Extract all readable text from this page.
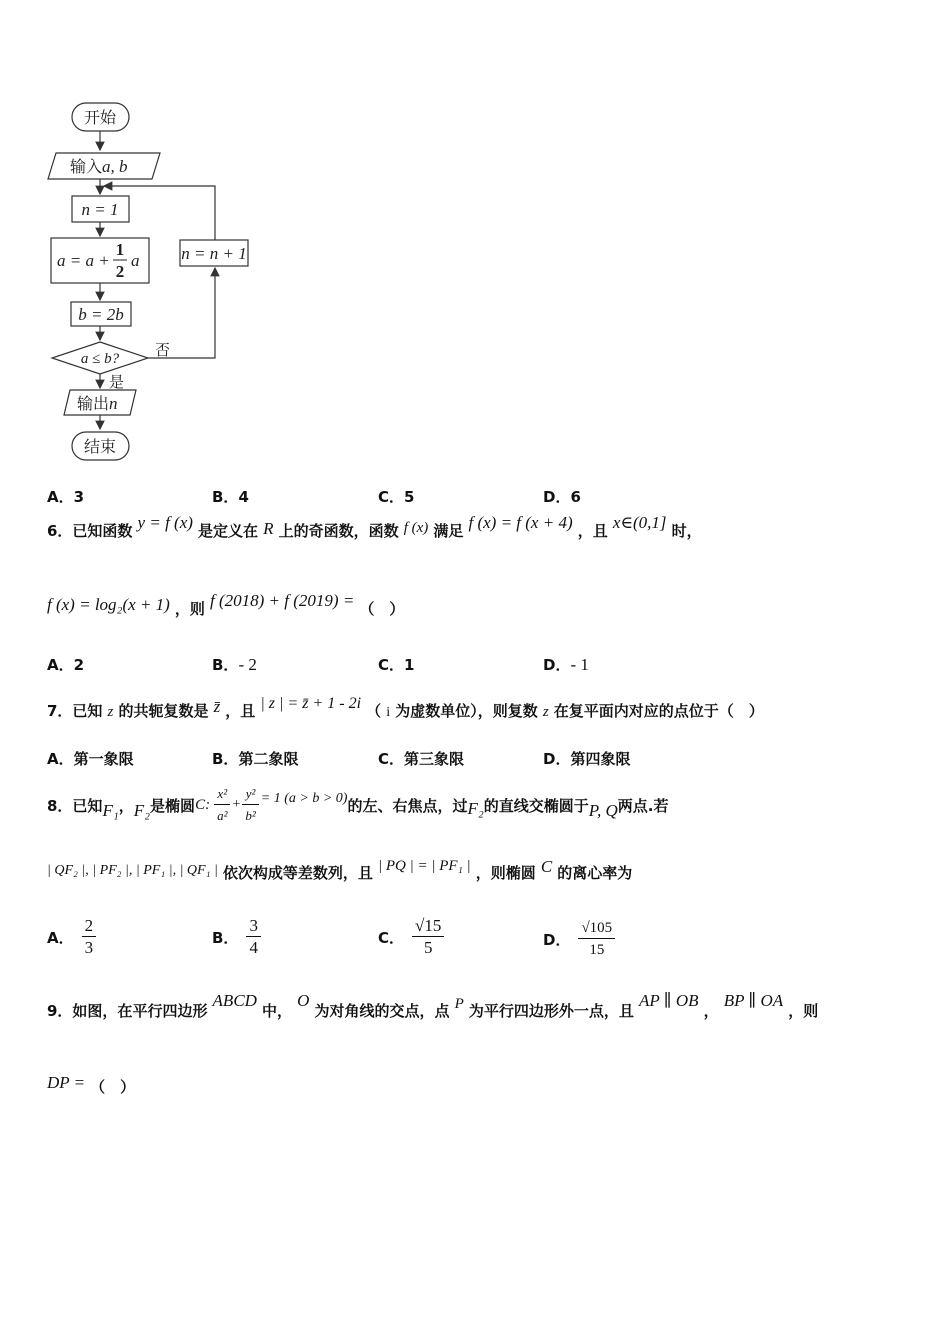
开始
输入a, b
n = 1
a = a +
1
2
a
b = 2b
a ≤ b? 否
n = n + 1
是
输出n
结束
A．3	B．4	C．5	D．6
6．已知函数 y = f (x) 是定义在 R 上的奇函数，函数 f (x) 满足 f (x) = f (x + 4) ，且 x∈(0,1] 时，
f (x) = log₂(x + 1) ，则 f (2018) + f (2019) = （　）
A．2	B．- 2	C．1	D．- 1
7．已知 z 的共轭复数是 z̄ ，且 | z | = z̄ + 1 - 2i （ i 为虚数单位），则复数 z 在复平面内对应的点位于（　）
A．第一象限	B．第二象限	C．第三象限	D．第四象限
8．已知 F₁ ， F₂ 是椭圆 C: $\frac{\text{x²}}{\text{a²}} + \frac{\text{y²}}{\text{b²}} = 1$ (a > b > 0) 的左、右焦点，过 F₂ 的直线交椭圆于 P, Q 两点.若
| QF₂ |, | PF₂ |, | PF₁ |, | QF₁ | 依次构成等差数列，且 | PQ | = | PF₁ | ，则椭圆 C 的离心率为
A． $\frac{2}{3}$	B． $\frac{3}{4}$	C． $\frac{√15}{5}$	D． $\frac{√105}{15}$
9．如图，在平行四边形 ABCD 中， O 为对角线的交点，点 P 为平行四边形外一点，且 AP ∥ OB ， BP ∥ OA ，则
DP = （　）
